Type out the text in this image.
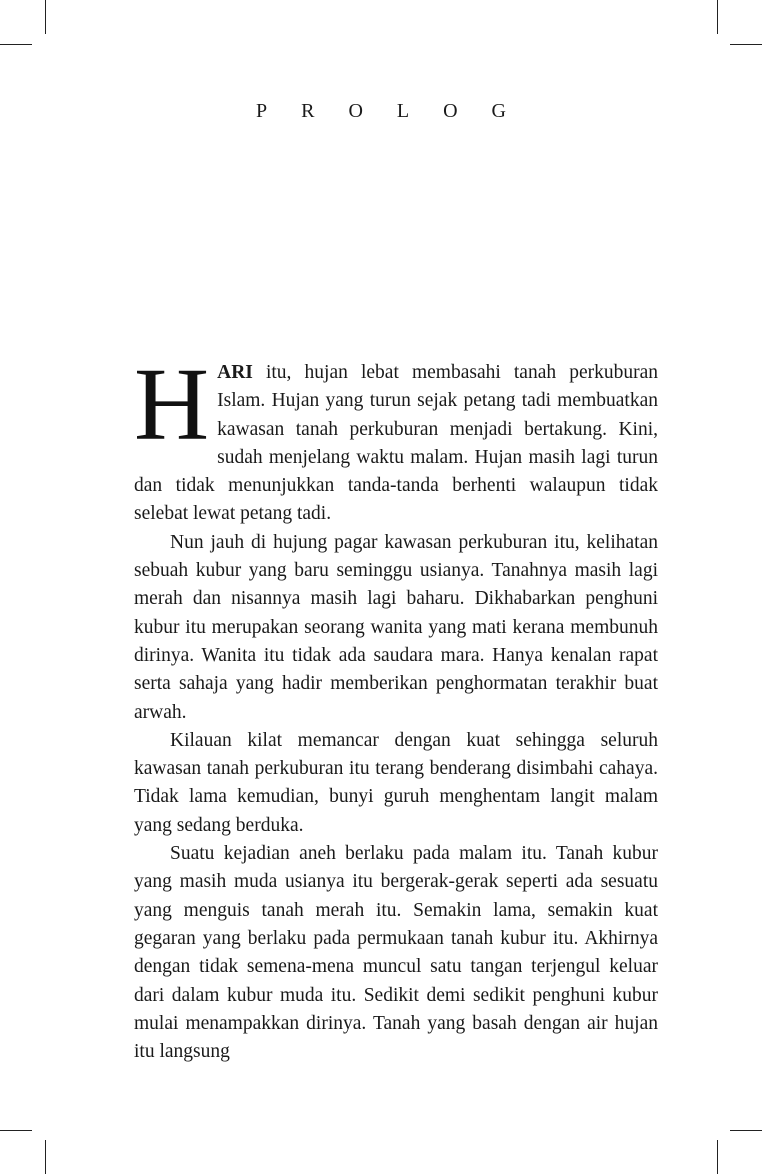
PROLOG

HARI itu, hujan lebat membasahi tanah perkuburan Islam. Hujan yang turun sejak petang tadi membuatkan kawasan tanah perkuburan menjadi bertakung. Kini, sudah menjelang waktu malam. Hujan masih lagi turun dan tidak menunjukkan tanda-tanda berhenti walaupun tidak selebat lewat petang tadi.

Nun jauh di hujung pagar kawasan perkuburan itu, kelihatan sebuah kubur yang baru seminggu usianya. Tanahnya masih lagi merah dan nisannya masih lagi baharu. Dikhabarkan penghuni kubur itu merupakan seorang wanita yang mati kerana membunuh dirinya. Wanita itu tidak ada saudara mara. Hanya kenalan rapat serta sahaja yang hadir memberikan penghormatan terakhir buat arwah.

Kilauan kilat memancar dengan kuat sehingga seluruh kawasan tanah perkuburan itu terang benderang disimbahi cahaya. Tidak lama kemudian, bunyi guruh menghentam langit malam yang sedang berduka.

Suatu kejadian aneh berlaku pada malam itu. Tanah kubur yang masih muda usianya itu bergerak-gerak seperti ada sesuatu yang menguis tanah merah itu. Semakin lama, semakin kuat gegaran yang berlaku pada permukaan tanah kubur itu. Akhirnya dengan tidak semena-mena muncul satu tangan terjengul keluar dari dalam kubur muda itu. Sedikit demi sedikit penghuni kubur mulai menampakkan dirinya. Tanah yang basah dengan air hujan itu langsung
